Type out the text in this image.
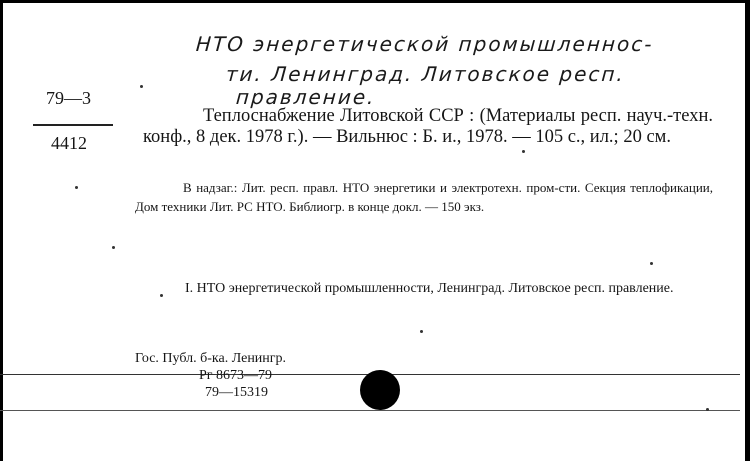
НТО энергетической промышленнос-
ти. Ленинград. Литовское респ.
правление.
79—3
4412

Теплоснабжение Литовской ССР : (Материалы респ. науч.-техн. конф., 8 дек. 1978 г.). — Вильнюс : Б. и., 1978. — 105 с., ил.; 20 см.

В надзаг.: Лит. респ. правл. НТО энергетики и электротехн. пром-сти. Секция теплофикации, Дом техники Лит. РС НТО. Библиогр. в конце докл. — 150 экз.

I. НТО энергетической промышленности, Ленинград. Литовское респ. правление.

Гос. Публ. б-ка. Ленингр.
Рг 8673—79
79—15319
